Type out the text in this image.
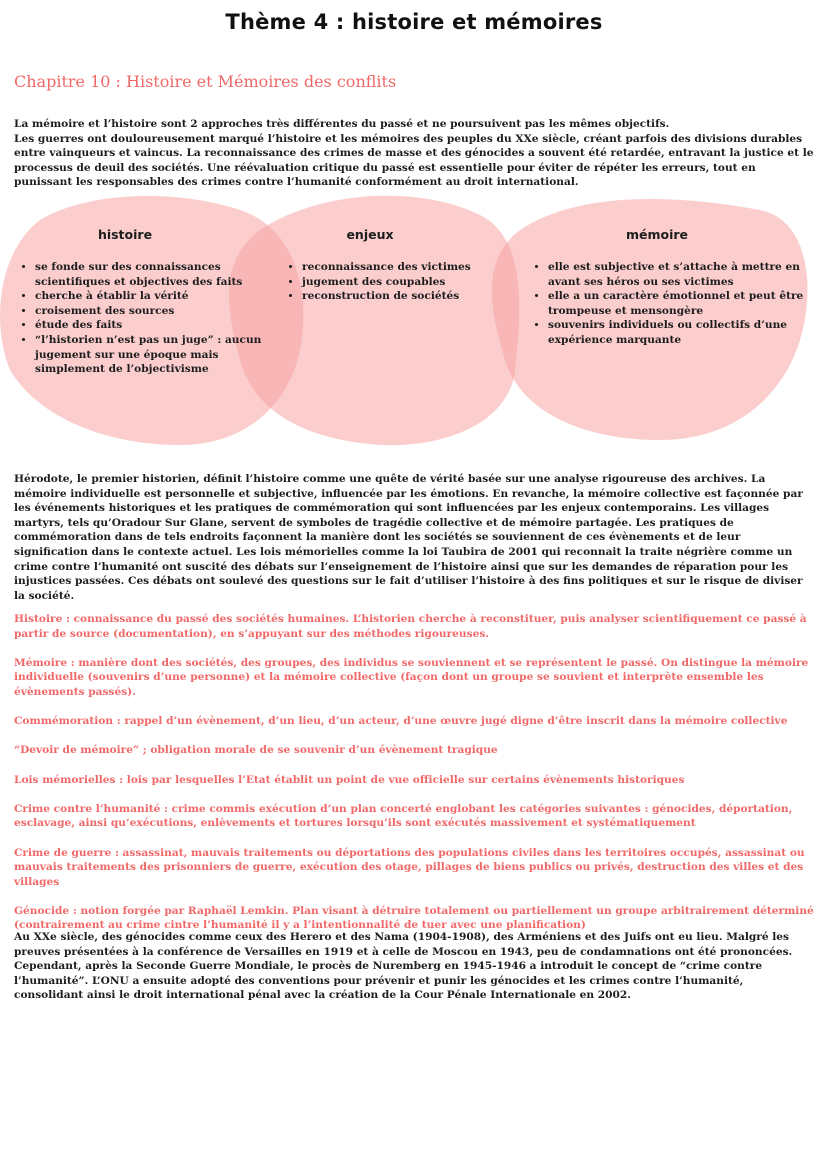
Thème 4 : histoire et mémoires
Chapitre 10 : Histoire et Mémoires des conflits
La mémoire et l’histoire sont 2 approches très différentes du passé et ne poursuivent pas les mêmes objectifs.
Les guerres ont douloureusement marqué l’histoire et les mémoires des peuples du XXe siècle, créant parfois des divisions durables entre vainqueurs et vaincus. La reconnaissance des crimes de masse et des génocides a souvent été retardée, entravant la justice et le processus de deuil des sociétés. Une réévaluation critique du passé est essentielle pour éviter de répéter les erreurs, tout en punissant les responsables des crimes contre l’humanité conformément au droit international.
histoire
• se fonde sur des connaissances scientifiques et objectives des faits
• cherche à établir la vérité
• croisement des sources
• étude des faits
• “l’historien n’est pas un juge” : aucun jugement sur une époque mais simplement de l’objectivisme
enjeux
• reconnaissance des victimes
• jugement des coupables
• reconstruction de sociétés
mémoire
• elle est subjective et s’attache à mettre en avant ses héros ou ses victimes
• elle a un caractère émotionnel et peut être trompeuse et mensongère
• souvenirs individuels ou collectifs d’une expérience marquante
Hérodote, le premier historien, définit l’histoire comme une quête de vérité basée sur une analyse rigoureuse des archives. La mémoire individuelle est personnelle et subjective, influencée par les émotions. En revanche, la mémoire collective est façonnée par les événements historiques et les pratiques de commémoration qui sont influencées par les enjeux contemporains. Les villages martyrs, tels qu’Oradour Sur Glane, servent de symboles de tragédie collective et de mémoire partagée. Les pratiques de commémoration dans de tels endroits façonnent la manière dont les sociétés se souviennent de ces évènements et de leur signification dans le contexte actuel. Les lois mémorielles comme la loi Taubira de 2001 qui reconnait la traite négrière comme un crime contre l’humanité ont suscité des débats sur l’enseignement de l’histoire ainsi que sur les demandes de réparation pour les injustices passées. Ces débats ont soulevé des questions sur le fait d’utiliser l’histoire à des fins politiques et sur le risque de diviser la société.
Histoire : connaissance du passé des sociétés humaines. L’historien cherche à reconstituer, puis analyser scientifiquement ce passé à partir de source (documentation), en s’appuyant sur des méthodes rigoureuses.
Mémoire : manière dont des sociétés, des groupes, des individus se souviennent et se représentent le passé. On distingue la mémoire individuelle (souvenirs d’une personne) et la mémoire collective (façon dont un groupe se souvient et interprète ensemble les évènements passés).
Commémoration : rappel d’un évènement, d’un lieu, d’un acteur, d’une œuvre jugé digne d’être inscrit dans la mémoire collective
“Devoir de mémoire” ; obligation morale de se souvenir d’un évènement tragique
Lois mémorielles : lois par lesquelles l’Etat établit un point de vue officielle sur certains évènements historiques
Crime contre l’humanité : crime commis exécution d’un plan concerté englobant les catégories suivantes : génocides, déportation, esclavage, ainsi qu’exécutions, enlèvements et tortures lorsqu’ils sont exécutés massivement et systématiquement
Crime de guerre : assassinat, mauvais traitements ou déportations des populations civiles dans les territoires occupés, assassinat ou mauvais traitements des prisonniers de guerre, exécution des otage, pillages de biens publics ou privés, destruction des villes et des villages
Génocide : notion forgée par Raphaël Lemkin. Plan visant à détruire totalement ou partiellement un groupe arbitrairement déterminé (contrairement au crime cintre l’humanité il y a l’intentionnalité de tuer avec une planification)
Au XXe siècle, des génocides comme ceux des Herero et des Nama (1904-1908), des Arméniens et des Juifs ont eu lieu. Malgré les preuves présentées à la conférence de Versailles en 1919 et à celle de Moscou en 1943, peu de condamnations ont été prononcées. Cependant, après la Seconde Guerre Mondiale, le procès de Nuremberg en 1945-1946 a introduit le concept de “crime contre l’humanité”. L’ONU a ensuite adopté des conventions pour prévenir et punir les génocides et les crimes contre l’humanité, consolidant ainsi le droit international pénal avec la création de la Cour Pénale Internationale en 2002.
